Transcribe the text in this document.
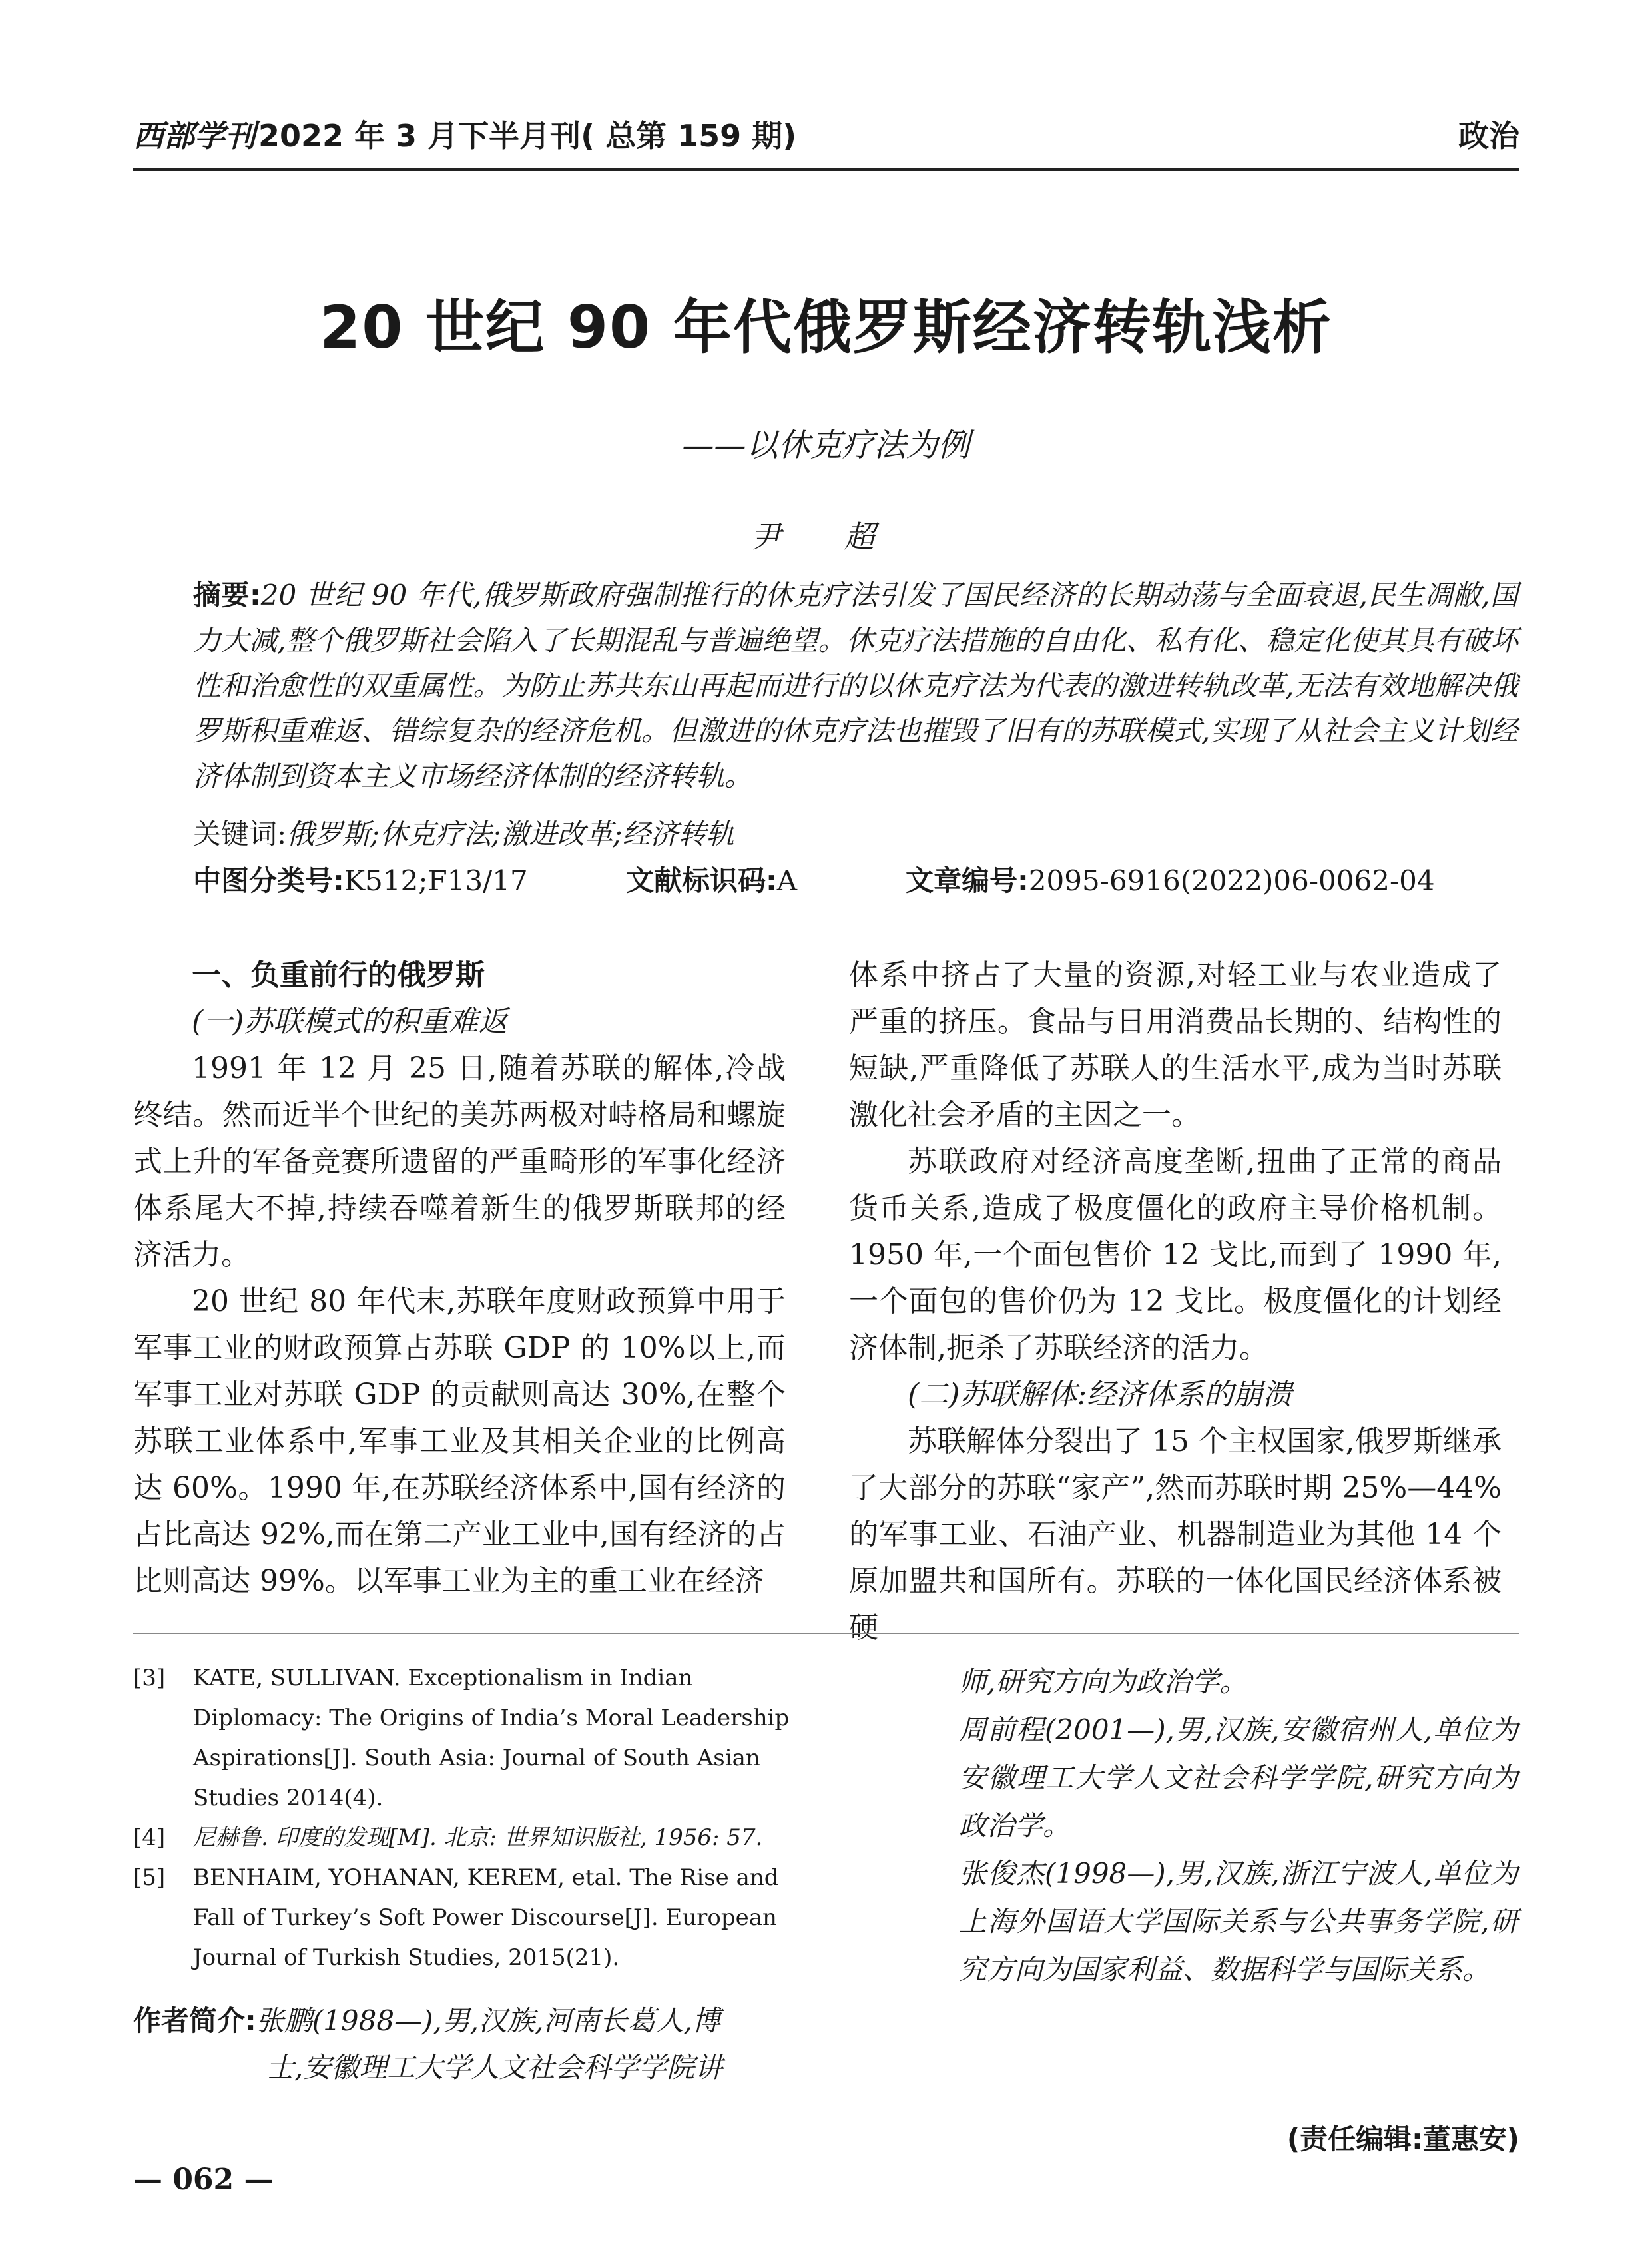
西部学刊2022 年 3 月下半月刊( 总第 159 期)	政治
20 世纪 90 年代俄罗斯经济转轨浅析
——以休克疗法为例
尹 超
摘要:20 世纪 90 年代,俄罗斯政府强制推行的休克疗法引发了国民经济的长期动荡与全面衰退,民生凋敝,国力大减,整个俄罗斯社会陷入了长期混乱与普遍绝望。休克疗法措施的自由化、私有化、稳定化使其具有破坏性和治愈性的双重属性。为防止苏共东山再起而进行的以休克疗法为代表的激进转轨改革,无法有效地解决俄罗斯积重难返、错综复杂的经济危机。但激进的休克疗法也摧毁了旧有的苏联模式,实现了从社会主义计划经济体制到资本主义市场经济体制的经济转轨。
关键词:俄罗斯;休克疗法;激进改革;经济转轨
中图分类号:K512;F13/17	文献标识码:A	文章编号:2095-6916(2022)06-0062-04

一、负重前行的俄罗斯

(一)苏联模式的积重难返

1991 年 12 月 25 日,随着苏联的解体,冷战终结。然而近半个世纪的美苏两极对峙格局和螺旋式上升的军备竞赛所遗留的严重畸形的军事化经济体系尾大不掉,持续吞噬着新生的俄罗斯联邦的经济活力。

20 世纪 80 年代末,苏联年度财政预算中用于军事工业的财政预算占苏联 GDP 的 10%以上,而军事工业对苏联 GDP 的贡献则高达 30%,在整个苏联工业体系中,军事工业及其相关企业的比例高达 60%。1990 年,在苏联经济体系中,国有经济的占比高达 92%,而在第二产业工业中,国有经济的占比则高达 99%。以军事工业为主的重工业在经济

体系中挤占了大量的资源,对轻工业与农业造成了严重的挤压。食品与日用消费品长期的、结构性的短缺,严重降低了苏联人的生活水平,成为当时苏联激化社会矛盾的主因之一。

苏联政府对经济高度垄断,扭曲了正常的商品货币关系,造成了极度僵化的政府主导价格机制。1950 年,一个面包售价 12 戈比,而到了 1990 年,一个面包的售价仍为 12 戈比。极度僵化的计划经济体制,扼杀了苏联经济的活力。

(二)苏联解体:经济体系的崩溃

苏联解体分裂出了 15 个主权国家,俄罗斯继承了大部分的苏联“家产”,然而苏联时期 25%—44%的军事工业、石油产业、机器制造业为其他 14 个原加盟共和国所有。苏联的一体化国民经济体系被硬

[3]	KATE, SULLIVAN. Exceptionalism in Indian Diplomacy: The Origins of India’s Moral Leadership Aspirations[J]. South Asia: Journal of South Asian Studies 2014(4).
[4]	尼赫鲁. 印度的发现[M]. 北京: 世界知识版社, 1956: 57.
[5]	BENHAIM, YOHANAN, KEREM, etal. The Rise and Fall of Turkey’s Soft Power Discourse[J]. European Journal of Turkish Studies, 2015(21).
作者简介:张鹏(1988—),男,汉族,河南长葛人,博
士,安徽理工大学人文社会科学学院讲

师,研究方向为政治学。

周前程(2001—),男,汉族,安徽宿州人,单位为安徽理工大学人文社会科学学院,研究方向为政治学。

张俊杰(1998—),男,汉族,浙江宁波人,单位为上海外国语大学国际关系与公共事务学院,研究方向为国家利益、数据科学与国际关系。

(责任编辑:董惠安)
— 062 —
